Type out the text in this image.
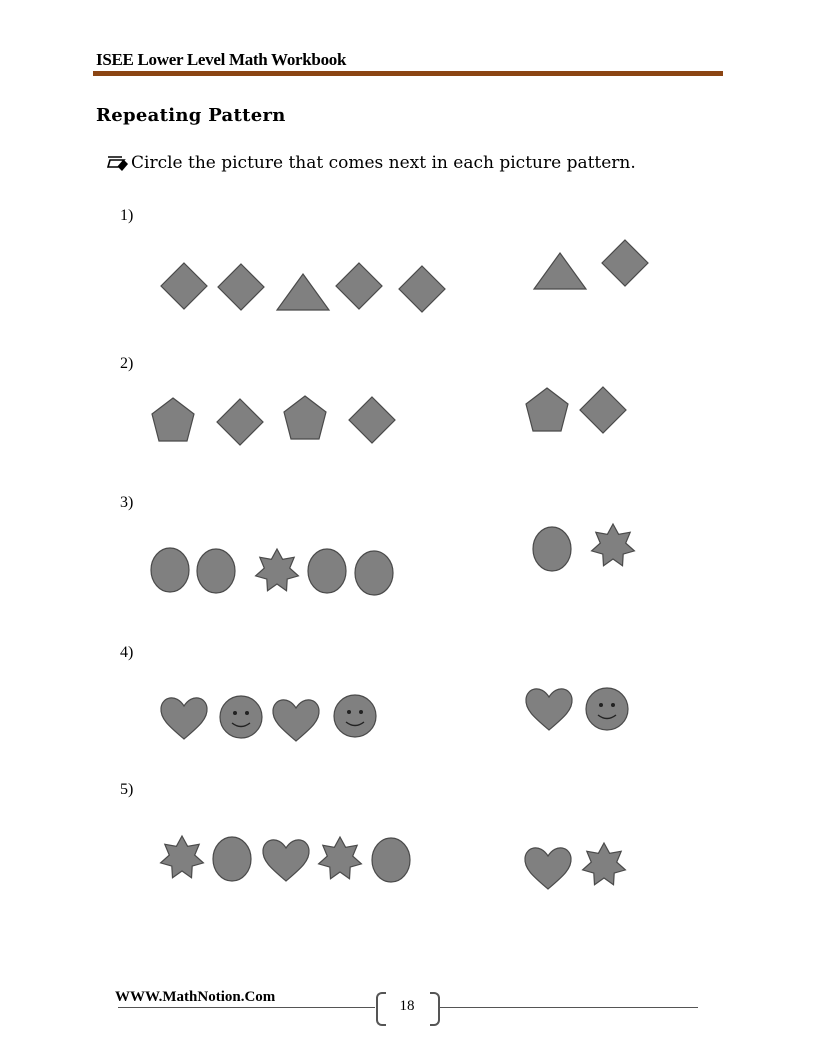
ISEE Lower Level Math Workbook
Repeating Pattern
Circle the picture that comes next in each picture pattern.
1)
2)
3)
4)
5)
WWW.MathNotion.Com
18
